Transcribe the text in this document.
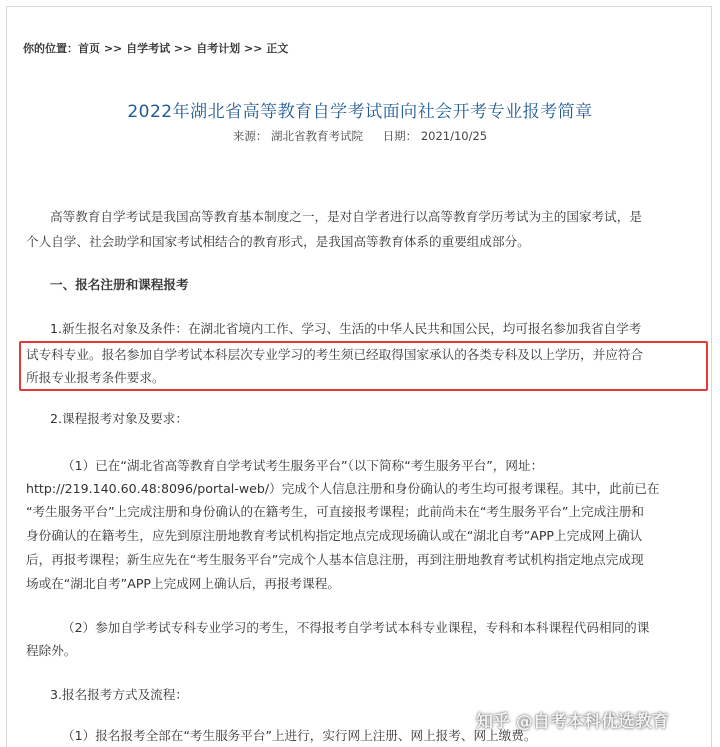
你的位置：首页 >> 自学考试 >> 自考计划 >> 正文
2022年湖北省高等教育自学考试面向社会开考专业报考简章
来源： 湖北省教育考试院 日期： 2021/10/25
高等教育自学考试是我国高等教育基本制度之一，是对自学者进行以高等教育学历考试为主的国家考试，是
个人自学、社会助学和国家考试相结合的教育形式，是我国高等教育体系的重要组成部分。
一、报名注册和课程报考
1.新生报名对象及条件：在湖北省境内工作、学习、生活的中华人民共和国公民，均可报名参加我省自学考
试专科专业。报名参加自学考试本科层次专业学习的考生须已经取得国家承认的各类专科及以上学历，并应符合
所报专业报考条件要求。
2.课程报考对象及要求：
（1）已在“湖北省高等教育自学考试考生服务平台”（以下简称“考生服务平台”，网址：
http://219.140.60.48:8096/portal-web/）完成个人信息注册和身份确认的考生均可报考课程。其中，此前已在
“考生服务平台”上完成注册和身份确认的在籍考生，可直接报考课程；此前尚未在“考生服务平台”上完成注册和
身份确认的在籍考生，应先到原注册地教育考试机构指定地点完成现场确认或在“湖北自考”APP上完成网上确认
后，再报考课程；新生应先在“考生服务平台”完成个人基本信息注册，再到注册地教育考试机构指定地点完成现
场或在“湖北自考”APP上完成网上确认后，再报考课程。
（2）参加自学考试专科专业学习的考生，不得报考自学考试本科专业课程，专科和本科课程代码相同的课
程除外。
3.报名报考方式及流程：
（1）报名报考全部在“考生服务平台”上进行，实行网上注册、网上报考、网上缴费。
知乎 @自考本科优选教育
